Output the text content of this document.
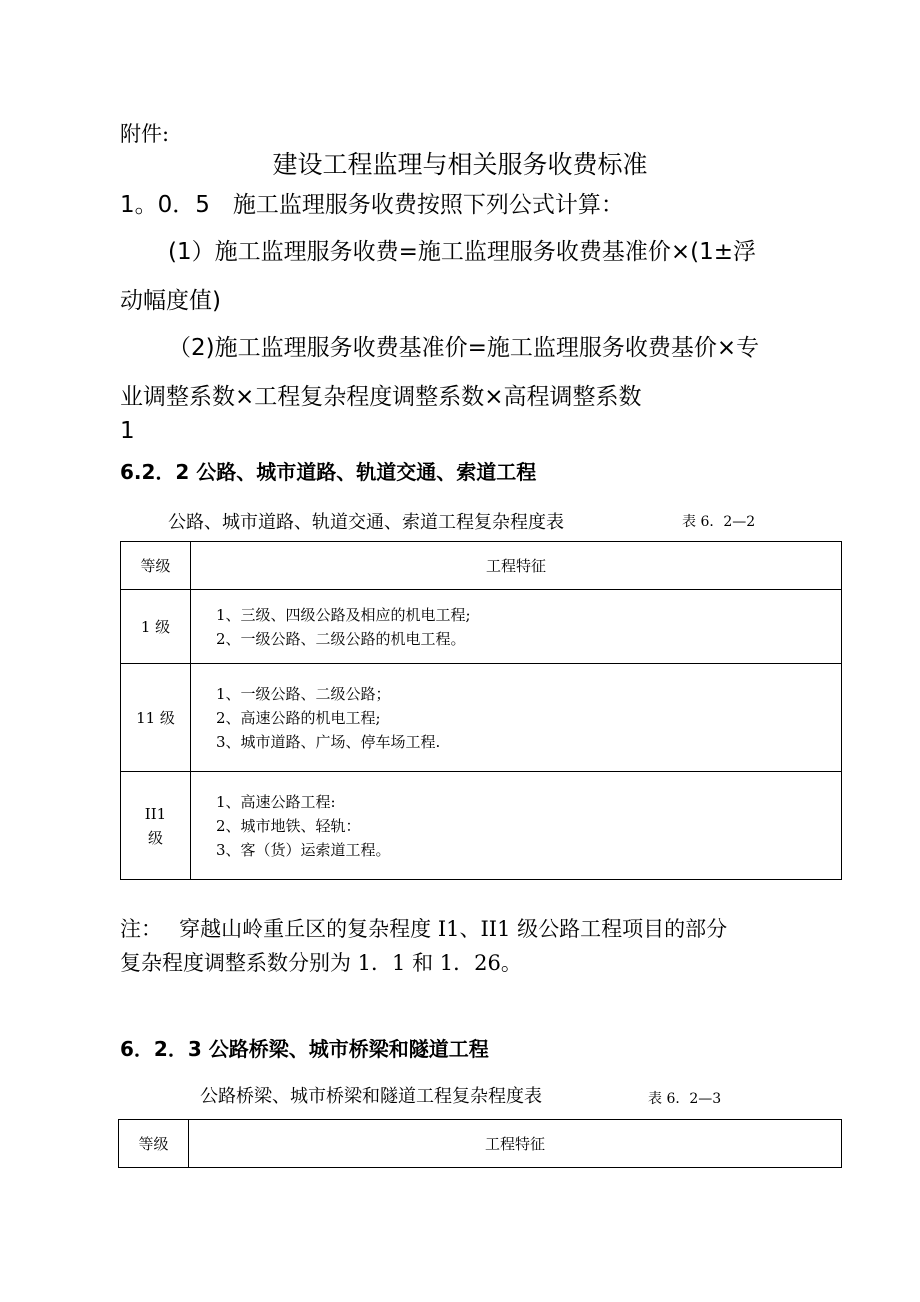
附件:
建设工程监理与相关服务收费标准
1。0．5　施工监理服务收费按照下列公式计算：
(1）施工监理服务收费=施工监理服务收费基准价×(1±浮
动幅度值)
（2)施工监理服务收费基准价=施工监理服务收费基价×专
业调整系数×工程复杂程度调整系数×高程调整系数
1
6.2．2 公路、城市道路、轨道交通、索道工程
公路、城市道路、轨道交通、索道工程复杂程度表	表 6．2—2
等级	工程特征
1 级	1、三级、四级公路及相应的机电工程;
2、一级公路、二级公路的机电工程。

11 级	1、一级公路、二级公路；
2、高速公路的机电工程;
3、城市道路、广场、停车场工程.

II1
级	1、高速公路工程:
2、城市地铁、轻轨：
3、客（货）运索道工程。
注：　 穿越山岭重丘区的复杂程度 I1、II1 级公路工程项目的部分
复杂程度调整系数分别为 1．1 和 1．26。
6．2．3 公路桥梁、城市桥梁和隧道工程
公路桥梁、城市桥梁和隧道工程复杂程度表	表 6．2—3
等级	工程特征
